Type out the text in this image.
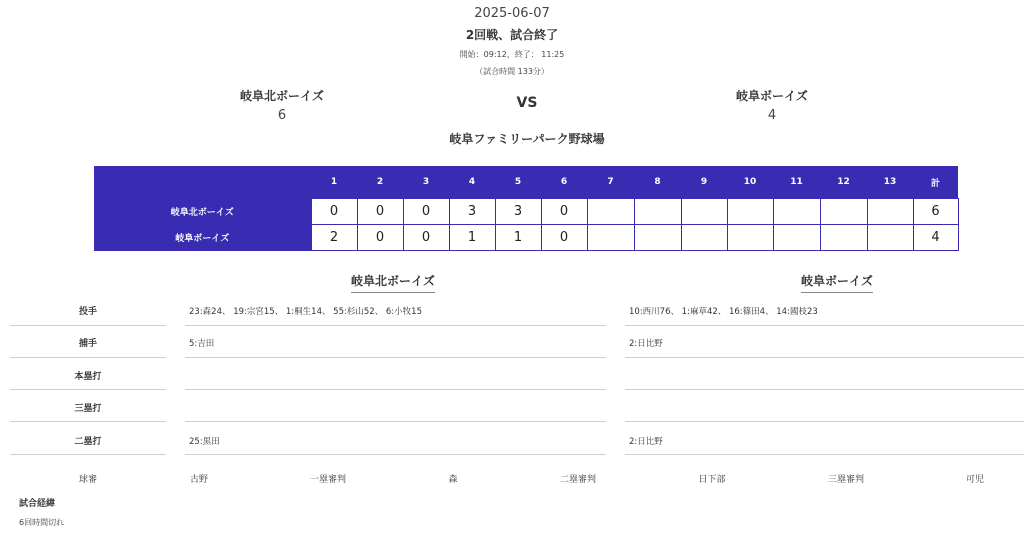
2025-06-07
2回戦、試合終了
開始：09:12、終了： 11:25
（試合時間 133分）
岐阜北ボーイズ
6
VS	岐阜ボーイズ
4
岐阜ファミリーパーク野球場
	1	2	3	4	5	6	7	8	9	10	11	12	13	計
岐阜北ボーイズ	0	0	0	3	3	0								6
岐阜ボーイズ	2	0	0	1	1	0								4
岐阜北ボーイズ	岐阜ボーイズ
投手	23:森24、 19:宗宮15、 1:桐生14、 55:杉山52、 6:小牧15	10:西川76、 1:麻草42、 16:篠田4、 14:國枝23
捕手	5:吉田	2:日比野
本塁打
三塁打
二塁打	25:黒田	2:日比野
球審	古野	一塁審判	森	二塁審判	日下部	三塁審判	可児
試合経緯
6回時間切れ
